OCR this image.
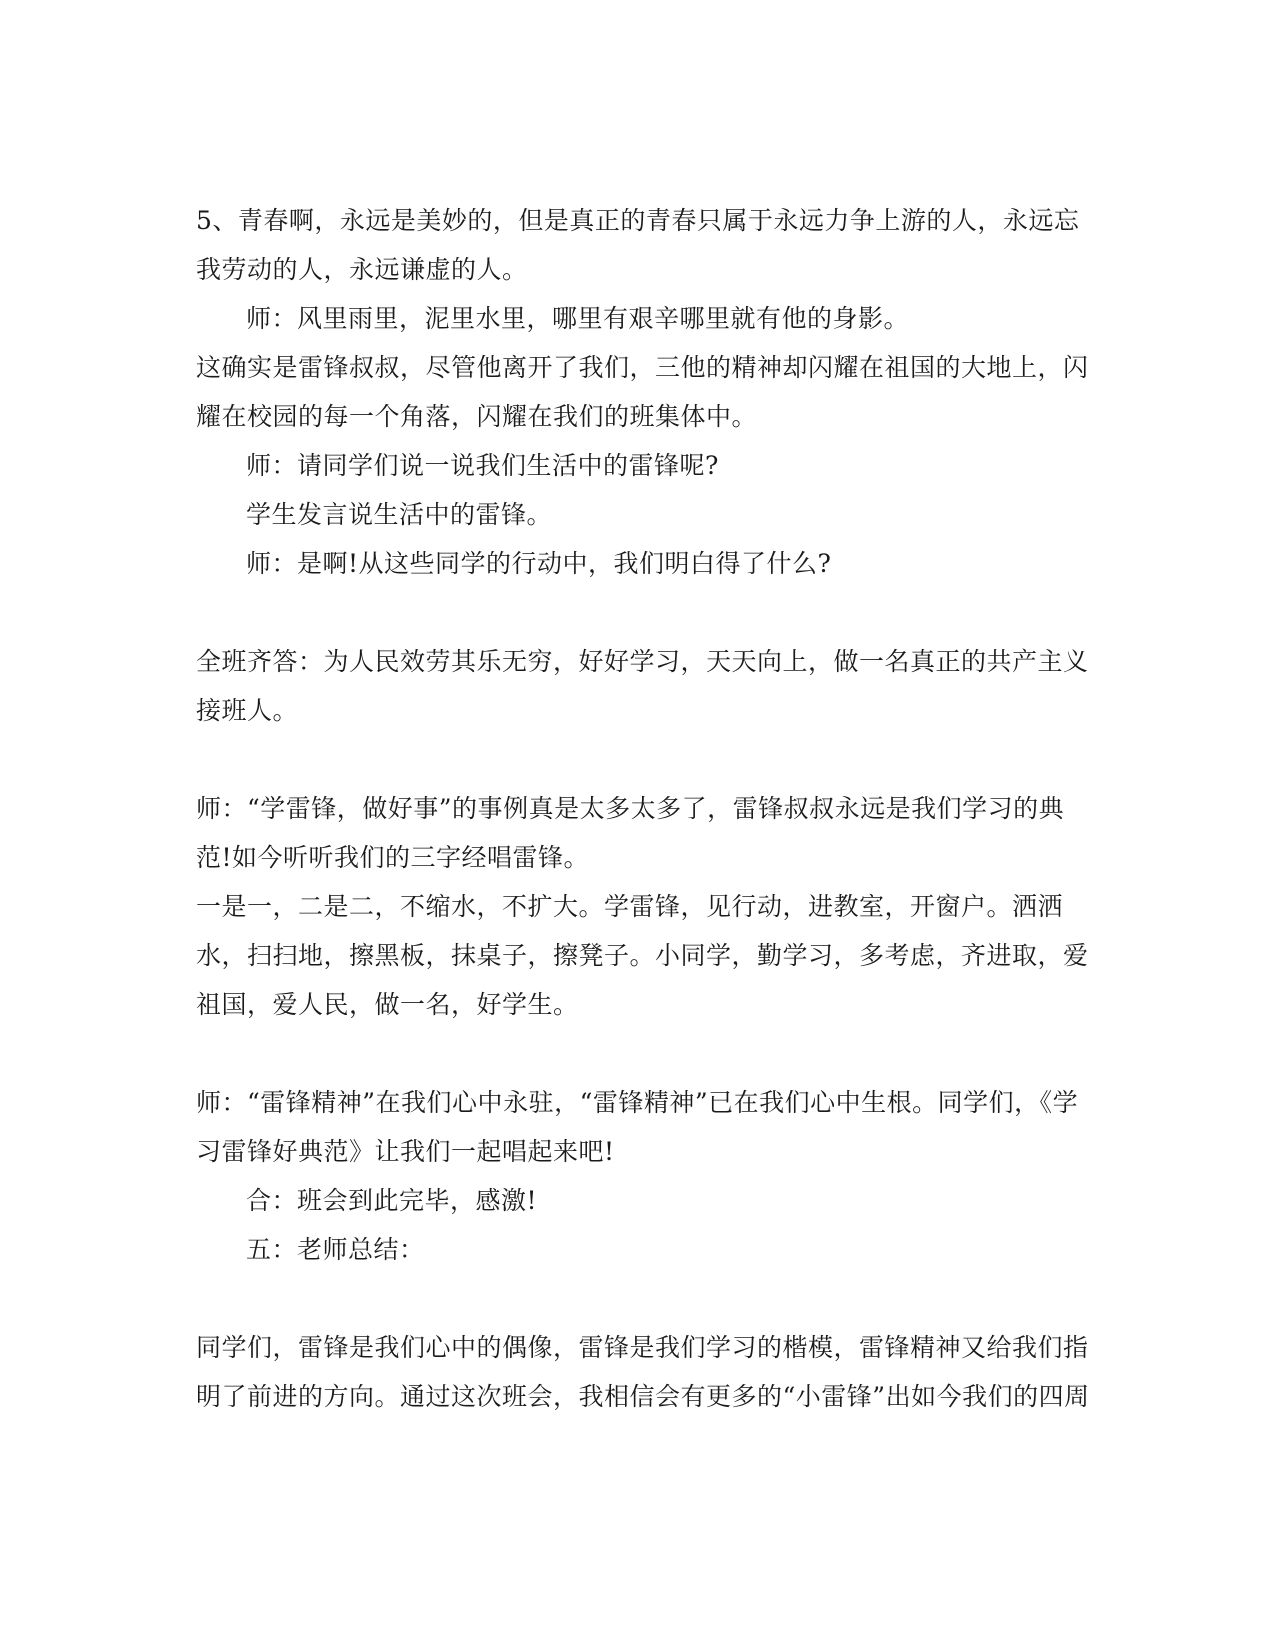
5、青春啊，永远是美妙的，但是真正的青春只属于永远力争上游的人，永远忘我劳动的人，永远谦虚的人。

师：风里雨里，泥里水里，哪里有艰辛哪里就有他的身影。

这确实是雷锋叔叔，尽管他离开了我们，三他的精神却闪耀在祖国的大地上，闪耀在校园的每一个角落，闪耀在我们的班集体中。

师：请同学们说一说我们生活中的雷锋呢?

学生发言说生活中的雷锋。

师：是啊!从这些同学的行动中，我们明白得了什么?

全班齐答：为人民效劳其乐无穷，好好学习，天天向上，做一名真正的共产主义接班人。

师：“学雷锋，做好事”的事例真是太多太多了，雷锋叔叔永远是我们学习的典范!如今听听我们的三字经唱雷锋。

一是一，二是二，不缩水，不扩大。学雷锋，见行动，进教室，开窗户。洒洒水，扫扫地，擦黑板，抹桌子，擦凳子。小同学，勤学习，多考虑，齐进取，爱祖国，爱人民，做一名，好学生。

师：“雷锋精神”在我们心中永驻，“雷锋精神”已在我们心中生根。同学们，《学习雷锋好典范》让我们一起唱起来吧!

合：班会到此完毕，感激!

五：老师总结：

同学们，雷锋是我们心中的偶像，雷锋是我们学习的楷模，雷锋精神又给我们指明了前进的方向。通过这次班会，我相信会有更多的“小雷锋”出如今我们的四周
